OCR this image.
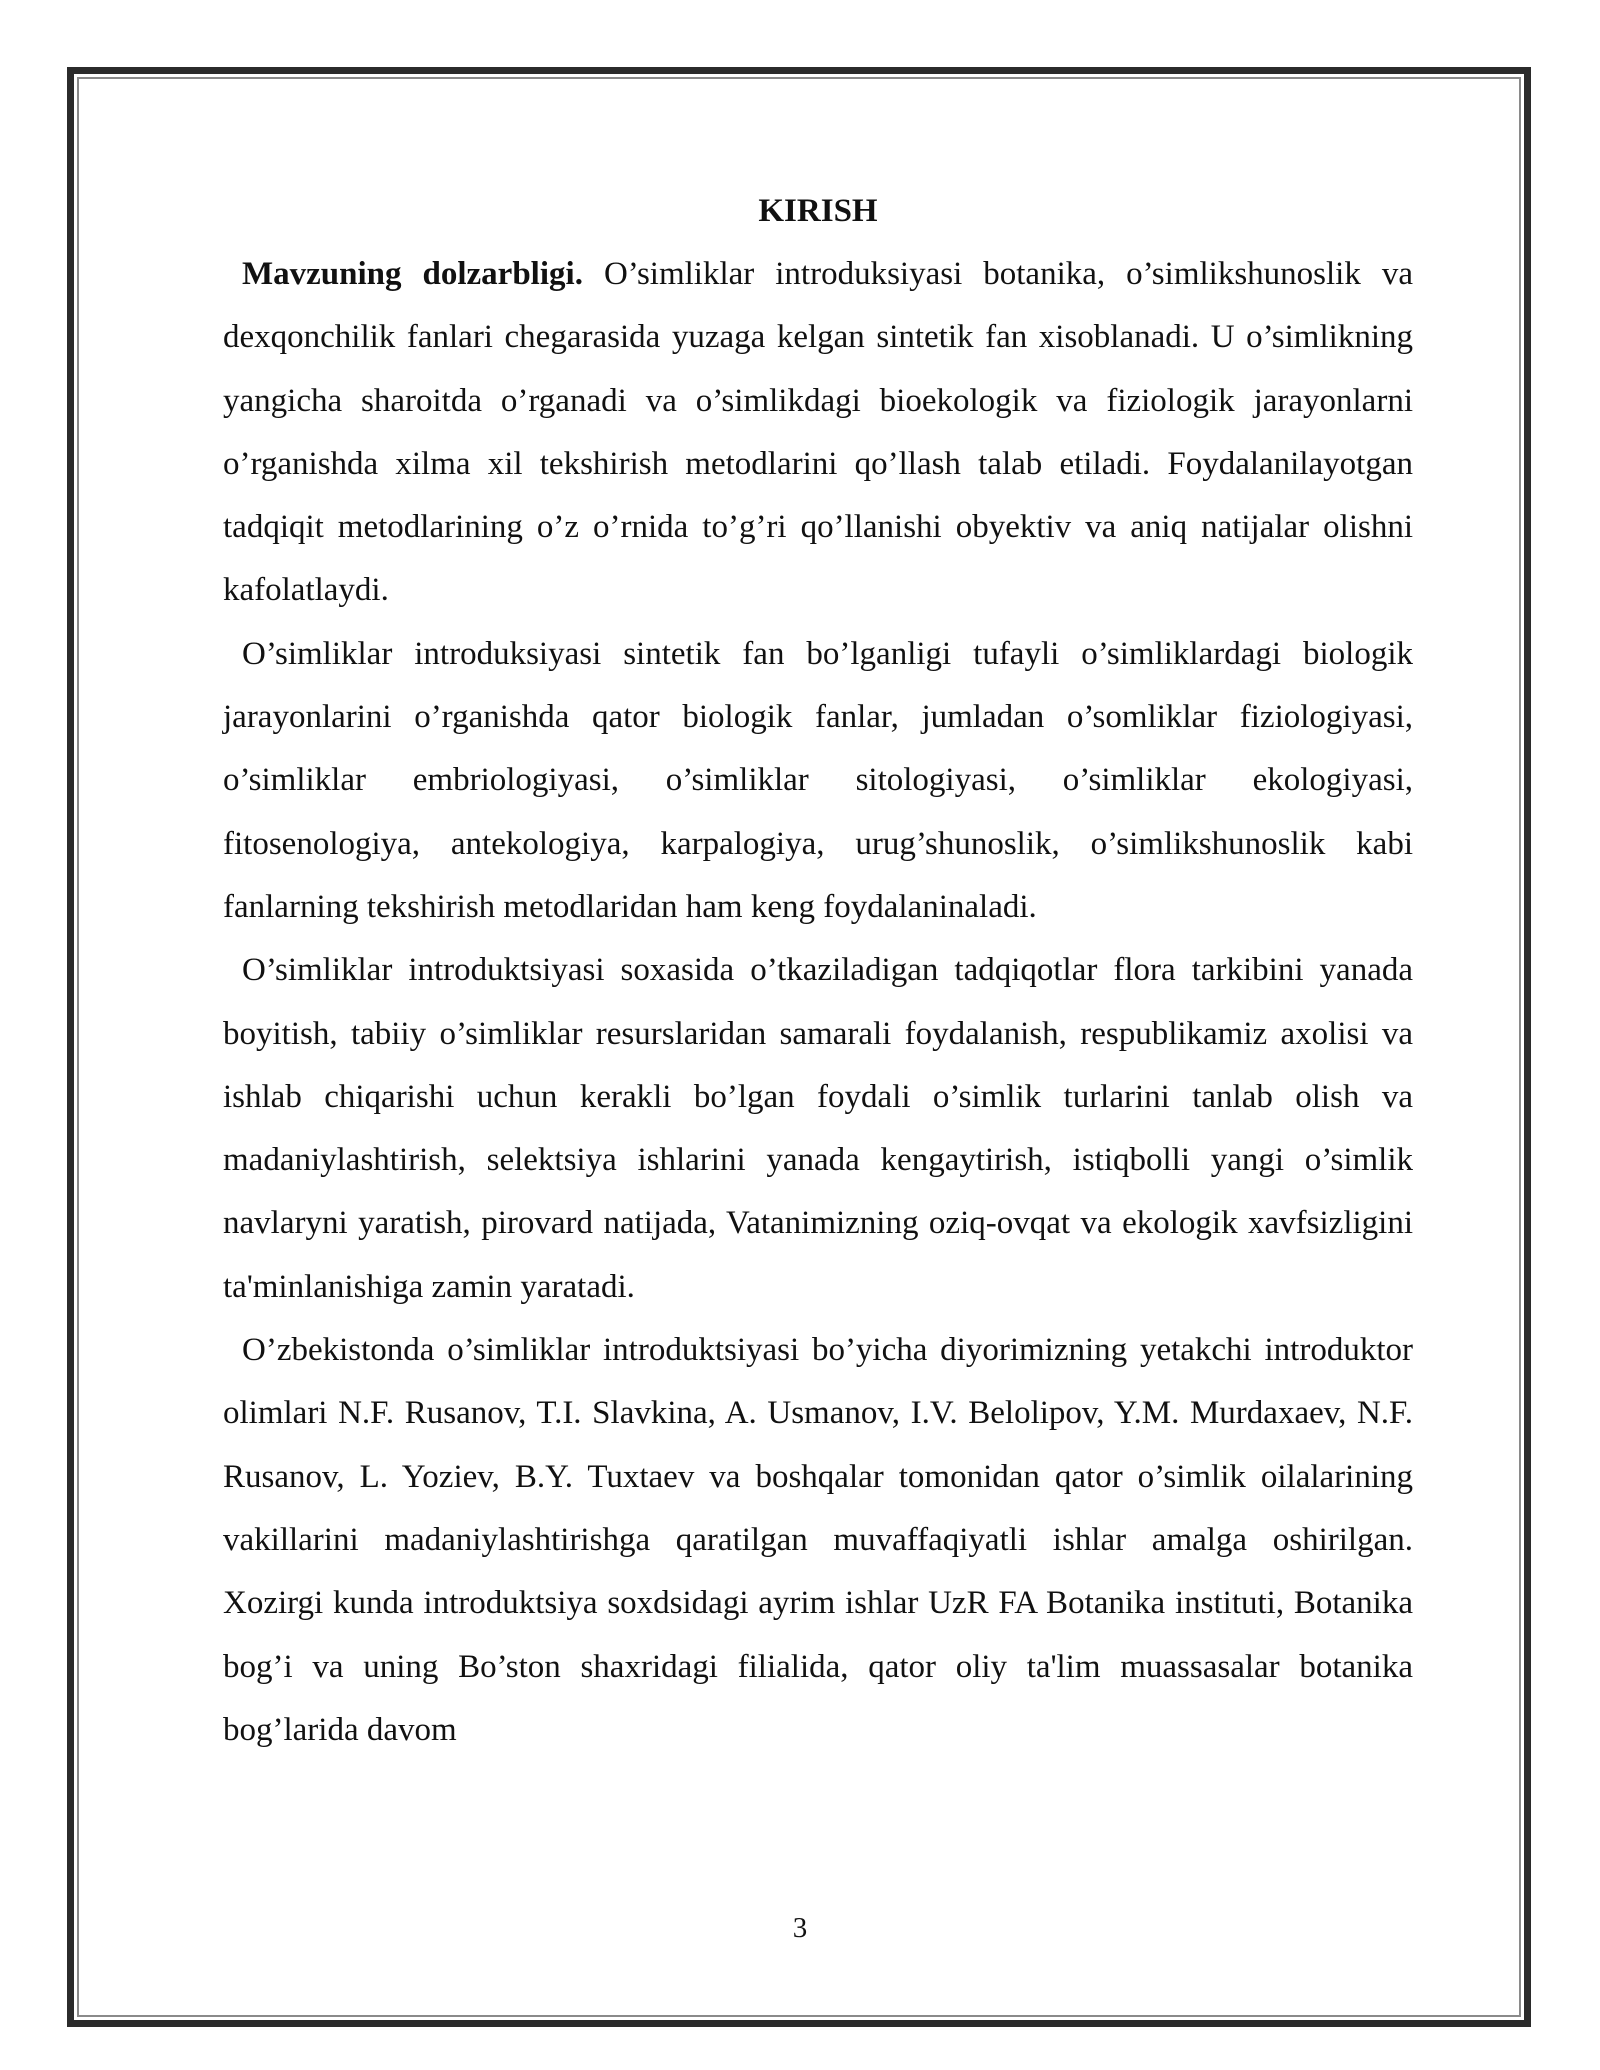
KIRISH

Mavzuning dolzarbligi. O’simliklar introduksiyasi botanika, o’simlikshunoslik va dexqonchilik fanlari chegarasida yuzaga kelgan sintetik fan xisoblanadi. U o’simlikning yangicha sharoitda o’rganadi va o’simlikdagi bioekologik va fiziologik jarayonlarni o’rganishda xilma xil tekshirish metodlarini qo’llash talab etiladi. Foydalanilayotgan tadqiqit metodlarining o’z o’rnida to’g’ri qo’llanishi obyektiv va aniq natijalar olishni kafolatlaydi.

O’simliklar introduksiyasi sintetik fan bo’lganligi tufayli o’simliklardagi biologik jarayonlarini o’rganishda qator biologik fanlar, jumladan o’somliklar fiziologiyasi, o’simliklar embriologiyasi, o’simliklar sitologiyasi, o’simliklar ekologiyasi, fitosenologiya, antekologiya, karpalogiya, urug’shunoslik, o’simlikshunoslik kabi fanlarning tekshirish metodlaridan ham keng foydalaninaladi.

O’simliklar introduktsiyasi soxasida o’tkaziladigan tadqiqotlar flora tarkibini yanada boyitish, tabiiy o’simliklar resurslaridan samarali foydalanish, respublikamiz axolisi va ishlab chiqarishi uchun kerakli bo’lgan foydali o’simlik turlarini tanlab olish va madaniylashtirish, selektsiya ishlarini yanada kengaytirish, istiqbolli yangi o’simlik navlaryni yaratish, pirovard natijada, Vatanimizning oziq-ovqat va ekologik xavfsizligini ta'minlanishiga zamin yaratadi.

O’zbekistonda o’simliklar introduktsiyasi bo’yicha diyorimizning yetakchi introduktor olimlari N.F. Rusanov, T.I. Slavkina, A. Usmanov, I.V. Belolipov, Y.M. Murdaxaev, N.F. Rusanov, L. Yoziev, B.Y. Tuxtaev va boshqalar tomonidan qator o’simlik oilalarining vakillarini madaniylashtirishga qaratilgan muvaffaqiyatli ishlar amalga oshirilgan. Xozirgi kunda introduktsiya soxdsidagi ayrim ishlar UzR FA Botanika instituti, Botanika bog’i va uning Bo’ston shaxridagi filialida, qator oliy ta'lim muassasalar botanika bog’larida davom

3
